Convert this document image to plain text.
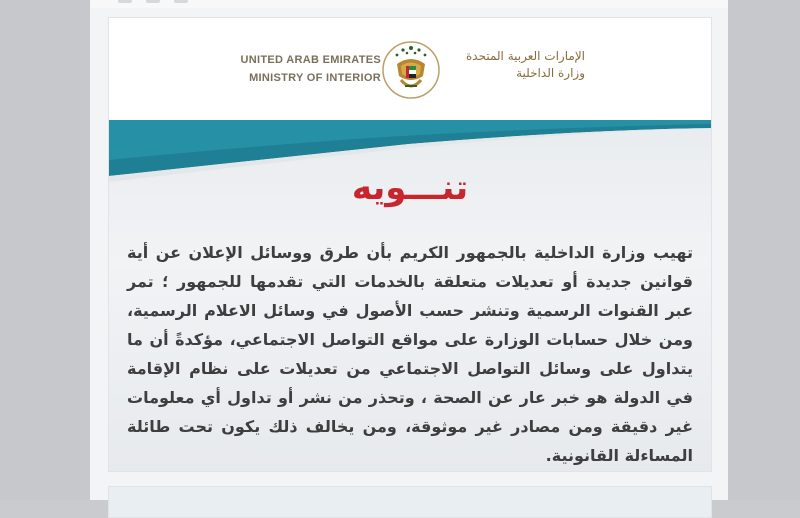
UNITED ARAB EMIRATES
MINISTRY OF INTERIOR
الإمارات العربية المتحدة
وزارة الداخلية
تنـــويه
تهيب وزارة الداخلية بالجمهور الكريم بأن طرق ووسائل الإعلان عن أية قوانين جديدة أو تعديلات متعلقة بالخدمات التي تقدمها للجمهور ؛ تمر عبر القنوات الرسمية وتنشر حسب الأصول في وسائل الاعلام الرسمية، ومن خلال حسابات الوزارة على مواقع التواصل الاجتماعي، مؤكدةً أن ما يتداول على وسائل التواصل الاجتماعي من تعديلات على نظام الإقامة في الدولة هو خبر عار عن الصحة ، وتحذر من نشر أو تداول أي معلومات غير دقيقة ومن مصادر غير موثوقة، ومن يخالف ذلك يكون تحت طائلة المساءلة القانونية.
